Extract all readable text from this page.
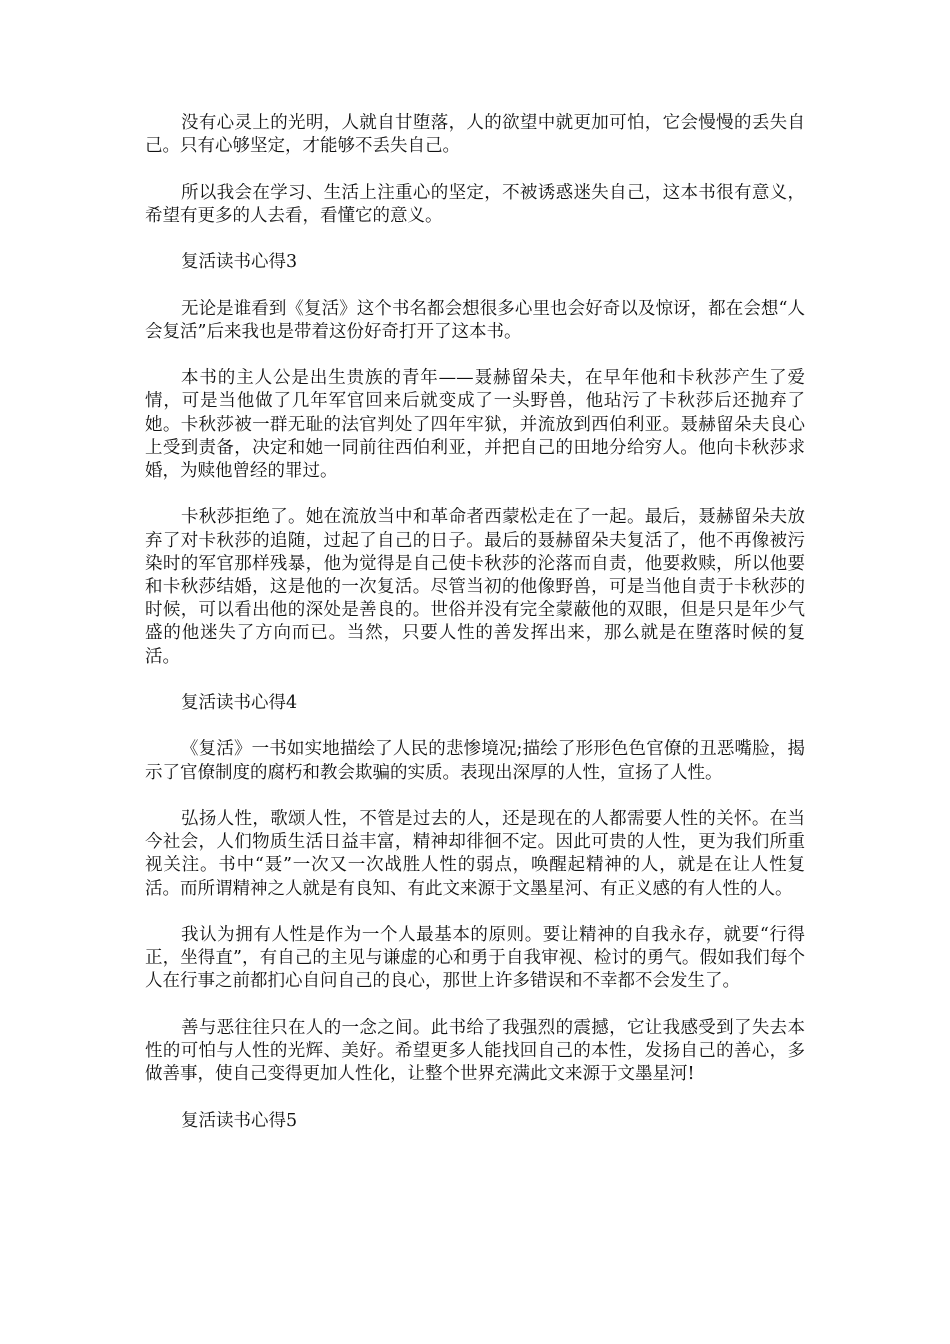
没有心灵上的光明，人就自甘堕落，人的欲望中就更加可怕，它会慢慢的丢失自己。只有心够坚定，才能够不丢失自己。

所以我会在学习、生活上注重心的坚定，不被诱惑迷失自己，这本书很有意义，希望有更多的人去看，看懂它的意义。

复活读书心得3

无论是谁看到《复活》这个书名都会想很多心里也会好奇以及惊讶，都在会想“人会复活”后来我也是带着这份好奇打开了这本书。

本书的主人公是出生贵族的青年——聂赫留朵夫，在早年他和卡秋莎产生了爱情，可是当他做了几年军官回来后就变成了一头野兽，他玷污了卡秋莎后还抛弃了她。卡秋莎被一群无耻的法官判处了四年牢狱，并流放到西伯利亚。聂赫留朵夫良心上受到责备，决定和她一同前往西伯利亚，并把自己的田地分给穷人。他向卡秋莎求婚，为赎他曾经的罪过。

卡秋莎拒绝了。她在流放当中和革命者西蒙松走在了一起。最后，聂赫留朵夫放弃了对卡秋莎的追随，过起了自己的日子。最后的聂赫留朵夫复活了，他不再像被污染时的军官那样残暴，他为觉得是自己使卡秋莎的沦落而自责，他要救赎，所以他要和卡秋莎结婚，这是他的一次复活。尽管当初的他像野兽，可是当他自责于卡秋莎的时候，可以看出他的深处是善良的。世俗并没有完全蒙蔽他的双眼，但是只是年少气盛的他迷失了方向而已。当然，只要人性的善发挥出来，那么就是在堕落时候的复活。

复活读书心得4

《复活》一书如实地描绘了人民的悲惨境况;描绘了形形色色官僚的丑恶嘴脸，揭示了官僚制度的腐朽和教会欺骗的实质。表现出深厚的人性，宣扬了人性。

弘扬人性，歌颂人性，不管是过去的人，还是现在的人都需要人性的关怀。在当今社会，人们物质生活日益丰富，精神却徘徊不定。因此可贵的人性，更为我们所重视关注。书中“聂”一次又一次战胜人性的弱点，唤醒起精神的人，就是在让人性复活。而所谓精神之人就是有良知、有此文来源于文墨星河、有正义感的有人性的人。

我认为拥有人性是作为一个人最基本的原则。要让精神的自我永存，就要“行得正，坐得直”，有自己的主见与谦虚的心和勇于自我审视、检讨的勇气。假如我们每个人在行事之前都扪心自问自己的良心，那世上许多错误和不幸都不会发生了。

善与恶往往只在人的一念之间。此书给了我强烈的震撼，它让我感受到了失去本性的可怕与人性的光辉、美好。希望更多人能找回自己的本性，发扬自己的善心，多做善事，使自己变得更加人性化，让整个世界充满此文来源于文墨星河!

复活读书心得5
